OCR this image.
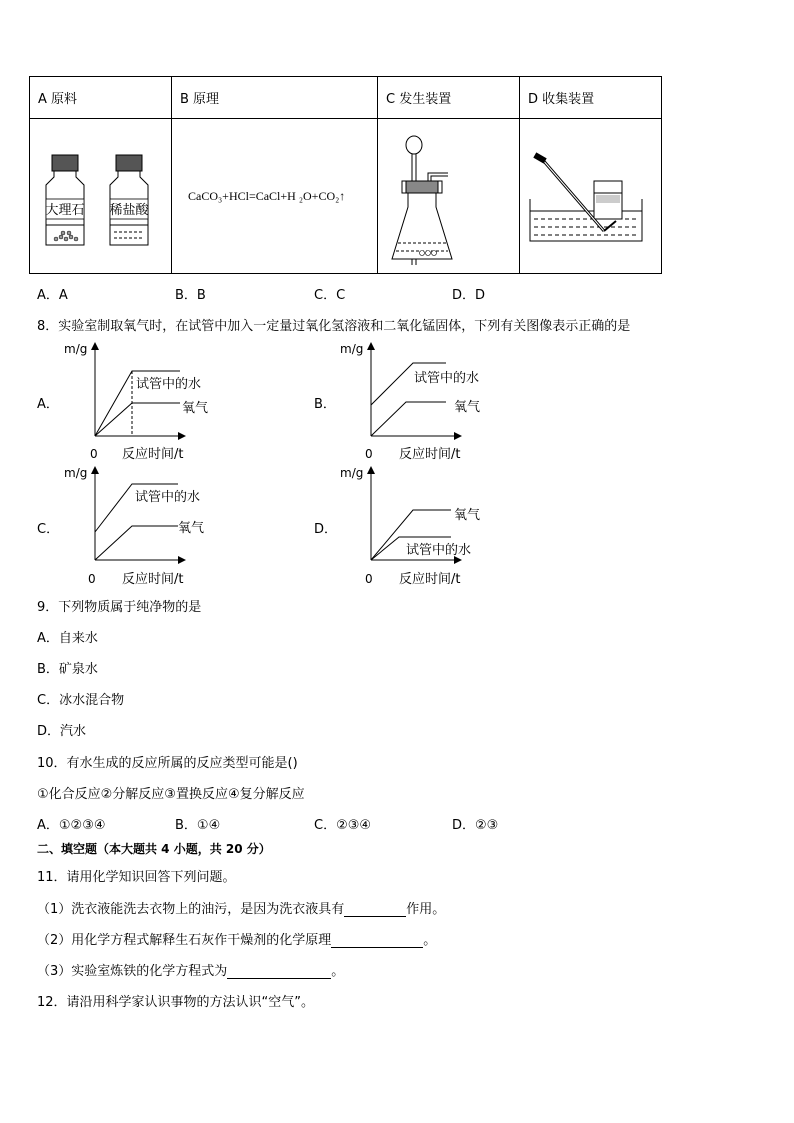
A 原料	B 原理	C 发生装置	D 收集装置

大理石 稀盐酸	CaCO₃+HCl=CaCl+H ₂O+CO₂↑	

A．A	B．B	C．C	D．D
8．实验室制取氧气时，在试管中加入一定量过氧化氢溶液和二氧化锰固体，下列有关图像表示正确的是
A．
m/g
试管中的水
氧气
0 反应时间/t
B．
m/g
试管中的水
氧气
0 反应时间/t
C．
m/g
试管中的水
氧气
0 反应时间/t
D．
m/g
氧气
试管中的水
0 反应时间/t
9．下列物质属于纯净物的是
A．自来水
B．矿泉水
C．冰水混合物
D．汽水
10．有水生成的反应所属的反应类型可能是()
①化合反应②分解反应③置换反应④复分解反应
A．①②③④	B．①④	C．②③④	D．②③
二、填空题（本大题共 4 小题，共 20 分）
11．请用化学知识回答下列问题。
（1）洗衣液能洗去衣物上的油污，是因为洗衣液具有	作用。
（2）用化学方程式解释生石灰作干燥剂的化学原理	。
（3）实验室炼铁的化学方程式为	。
12．请沿用科学家认识事物的方法认识“空气”。
